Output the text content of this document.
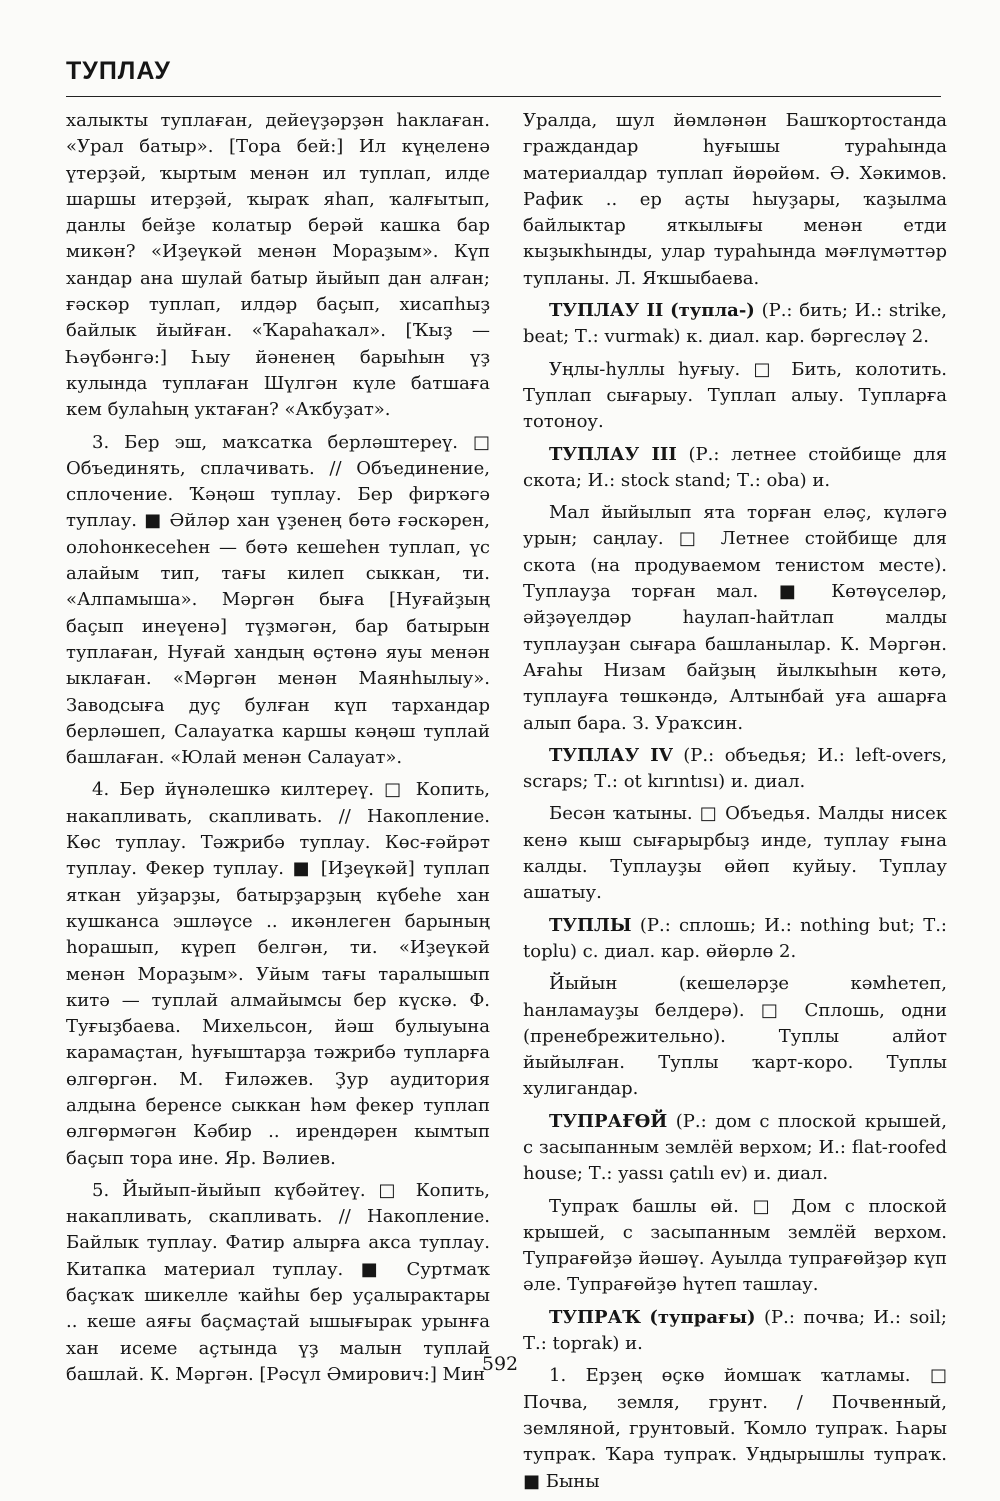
ТУПЛАУ

халыкты туплаған, дейеүҙәрҙән һаклаған. «Урал батыр». [Тора бей:] Ил күңеленә үтерҙәй, ҡыртым менән ил туплап, илде шаршы итерҙәй, ҡыраҡ яһап, ҡалғытып, данлы бейҙе колатыр берәй кашка бар микән? «Иҙеүкәй менән Мораҙым». Күп хандар ана шулай батыр йыйып дан алған; ғәскәр туплап, илдәр баҫып, хисапһыҙ байлык йыйған. «Ҡараһаҡал». [Ҡыҙ — Һәүбәнгә:] Һыу йәненең барыһын үҙ кулында туплаған Шүлгән күле батшаға кем булаһың уктаған? «Аҡбуҙат».

3. Бер эш, маҡсатка берләштереү. □ Объединять, сплачивать. // Объединение, сплочение. Ҡәңәш туплау. Бер фирҡәгә туплау. ■ Әйләр хан үҙенең бөтә ғәскәрен, олоһонкесеһен — бөтә кешеһен туплап, үс алайым тип, тағы килеп сыккан, ти. «Алпамыша». Мәргән быға [Нуғайҙың баҫып инеүенә] түҙмәгән, бар батырын туплаған, Нуғай хандың өҫтөнә яуы менән ыклаған. «Мәргән менән Маянһылыу». Заводсыға дуҫ булған күп тархандар берләшеп, Салауатка каршы кәңәш туплай башлаған. «Юлай менән Салауат».

4. Бер йүнәлешкә килтереү. □ Копить, накапливать, скапливать. // Накопление. Көс туплау. Тәжрибә туплау. Көс-ғәйрәт туплау. Фекер туплау. ■ [Иҙеүкәй] туплап яткан уйҙарҙы, батырҙарҙың күбеһе хан кушканса эшләүсе .. икәнлеген барының һорашып, күреп белгән, ти. «Иҙеүкәй менән Мораҙым». Уйым тағы таралышып китә — туплай алмайымсы бер күскә. Ф. Туғыҙбаева. Михельсон, йәш булыуына карамаҫтан, һуғыштарҙа тәжрибә тупларға өлгөргән. М. Ғиләжев. Ҙур аудитория алдына беренсе сыккан һәм фекер туплап өлгөрмәгән Кәбир .. ирендәрен кымтып баҫып тора ине. Яр. Вәлиев.

5. Йыйып-йыйып күбәйтеү. □ Копить, накапливать, скапливать. // Накопление. Байлык туплау. Фатир алырға акса туплау. Китапка материал туплау. ■ Суртмаҡ баҫҡаҡ шикелле ҡайһы бер уҫалырактары .. кеше аяғы баҫмаҫтай ышығырак урынға хан исеме аҫтында үҙ малын туплай башлай. К. Мәргән. [Рәсүл Әмирович:] Мин

Уралда, шул йөмләнән Башҡортостанда граждандар һуғышы тураһында материалдар туплап йөрөйөм. Ә. Хәкимов. Рафик .. ер аҫты һыуҙары, ҡаҙылма байлыктар яткылығы менән етди кыҙыкһынды, улар тураһында мәғлүмәттәр тупланы. Л. Яҡшыбаева.

ТУПЛАУ II (тупла-) (Р.: бить; И.: strike, beat; Т.: vurmak) к. диал. кар. бәргесләү 2.

Уңлы-һуллы һуғыу. □ Бить, колотить. Туплап сығарыу. Туплап алыу. Тупларға тотоноу.

ТУПЛАУ III (Р.: летнее стойбище для скота; И.: stock stand; Т.: oba) и.

Мал йыйылып ята торған еләҫ, күләгә урын; саңлау. □ Летнее стойбище для скота (на продуваемом тенистом месте). Туплауҙа торған мал. ■ Көтөүселәр, әйҙәүелдәр һаулап-һайтлап малды туплауҙан сығара башланылар. К. Мәргән. Ағаһы Низам байҙың йылкыһын көтә, туплауға төшкәндә, Алтынбай уға ашарға алып бара. З. Ураҡсин.

ТУПЛАУ IV (Р.: объедья; И.: left-overs, scraps; Т.: ot kırıntısı) и. диал.

Бесән ҡатыны. □ Объедья. Малды нисек кенә кыш сығарырбыҙ инде, туплау ғына калды. Туплауҙы өйөп куйыу. Туплау ашатыу.

ТУПЛЫ (Р.: сплошь; И.: nothing but; Т.: toplu) с. диал. кар. өйөрлө 2.

Йыйын (кешеләрҙе кәмһетеп, һанламауҙы белдерә). □ Сплошь, одни (пренебрежительно). Туплы алйот йыйылған. Туплы ҡарт-коро. Туплы хулигандар.

ТУПРАҒӨЙ (Р.: дом с плоской крышей, с засыпанным землёй верхом; И.: flat-roofed house; Т.: yassı çatılı ev) и. диал.

Тупраҡ башлы өй. □ Дом с плоской крышей, с засыпанным землёй верхом. Тупрағөйҙә йәшәү. Ауылда тупрағөйҙәр күп әле. Тупрағөйҙө һүтеп ташлау.

ТУПРАҠ (тупрағы) (Р.: почва; И.: soil; Т.: toprak) и.

1. Ерҙең өҫкө йомшаҡ ҡатламы. □ Почва, земля, грунт. / Почвенный, земляной, грунтовый. Ҡомло тупраҡ. Һары тупраҡ. Ҡара тупраҡ. Уңдырышлы тупраҡ. ■ Быны

592
